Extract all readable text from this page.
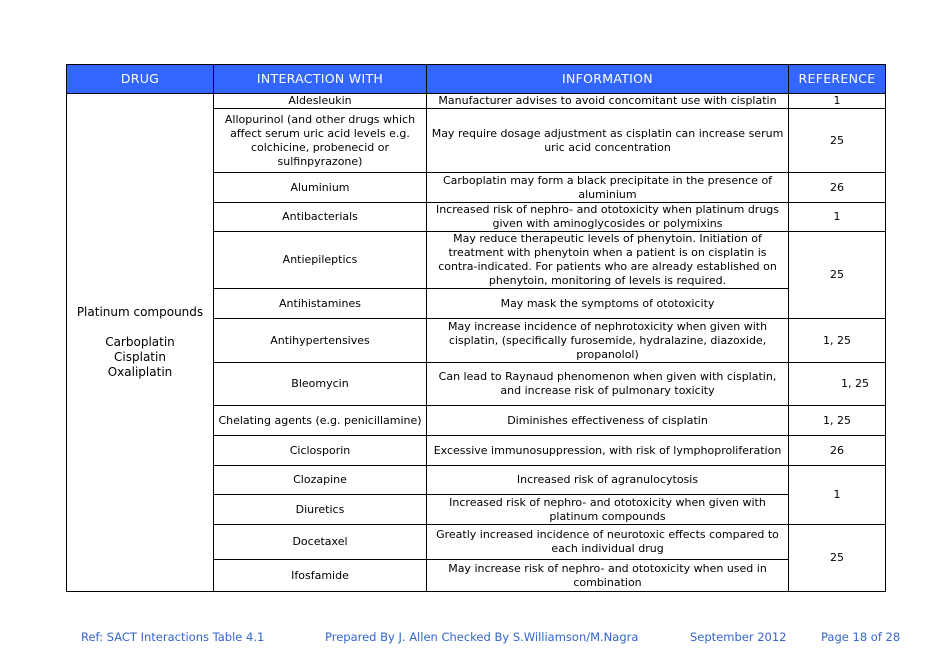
DRUG	INTERACTION WITH	INFORMATION	REFERENCE

Platinum compounds
Carboplatin
Cisplatin
Oxaliplatin	Aldesleukin	Manufacturer advises to avoid concomitant use with cisplatin	1
	Allopurinol (and other drugs which affect serum uric acid levels e.g. colchicine, probenecid or sulfinpyrazone)	May require dosage adjustment as cisplatin can increase serum uric acid concentration	25
	Aluminium	Carboplatin may form a black precipitate in the presence of aluminium	26
	Antibacterials	Increased risk of nephro- and ototoxicity when platinum drugs given with aminoglycosides or polymixins	1
	Antiepileptics	May reduce therapeutic levels of phenytoin. Initiation of treatment with phenytoin when a patient is on cisplatin is contra-indicated. For patients who are already established on phenytoin, monitoring of levels is required.	25
	Antihistamines	May mask the symptoms of ototoxicity	
	Antihypertensives	May increase incidence of nephrotoxicity when given with cisplatin, (specifically furosemide, hydralazine, diazoxide, propanolol)	1, 25
	Bleomycin	Can lead to Raynaud phenomenon when given with cisplatin, and increase risk of pulmonary toxicity	1, 25
	Chelating agents (e.g. penicillamine)	Diminishes effectiveness of cisplatin	1, 25
	Ciclosporin	Excessive immunosuppression, with risk of lymphoproliferation	26
	Clozapine	Increased risk of agranulocytosis	1
	Diuretics	Increased risk of nephro- and ototoxicity when given with platinum compounds	
	Docetaxel	Greatly increased incidence of neurotoxic effects compared to each individual drug	25
	Ifosfamide	May increase risk of nephro- and ototoxicity when used in combination	
Ref: SACT Interactions Table 4.1	Prepared By J. Allen Checked By S.Williamson/M.Nagra	September 2012	Page 18 of 28
